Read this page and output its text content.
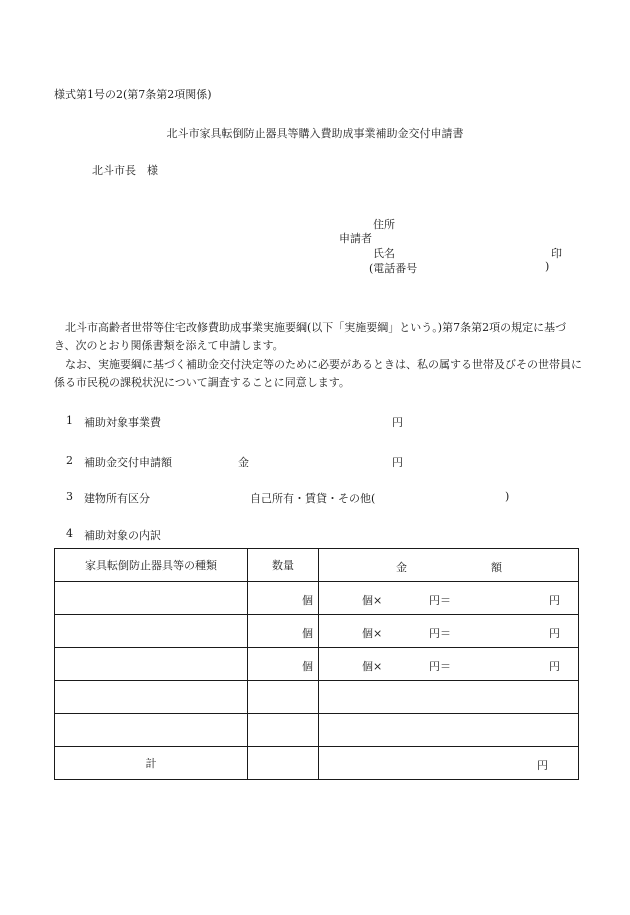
様式第1号の2(第7条第2項関係)
北斗市家具転倒防止器具等購入費助成事業補助金交付申請書
北斗市長　様
住所
申請者
氏名	印
(電話番号	)
北斗市高齢者世帯等住宅改修費助成事業実施要綱(以下「実施要綱」という。)第7条第2項の規定に基づき、次のとおり関係書類を添えて申請します。
なお、実施要綱に基づく補助金交付決定等のために必要があるときは、私の属する世帯及びその世帯員に係る市民税の課税状況について調査することに同意します。
1 補助対象事業費	円
2 補助金交付申請額	金	円
3 建物所有区分	自己所有・賃貸・その他(	)
4 補助対象の内訳
家具転倒防止器具等の種類	数量	金 額

	個	個× 円＝ 円

	個	個× 円＝ 円

	個	個× 円＝ 円

計		円
